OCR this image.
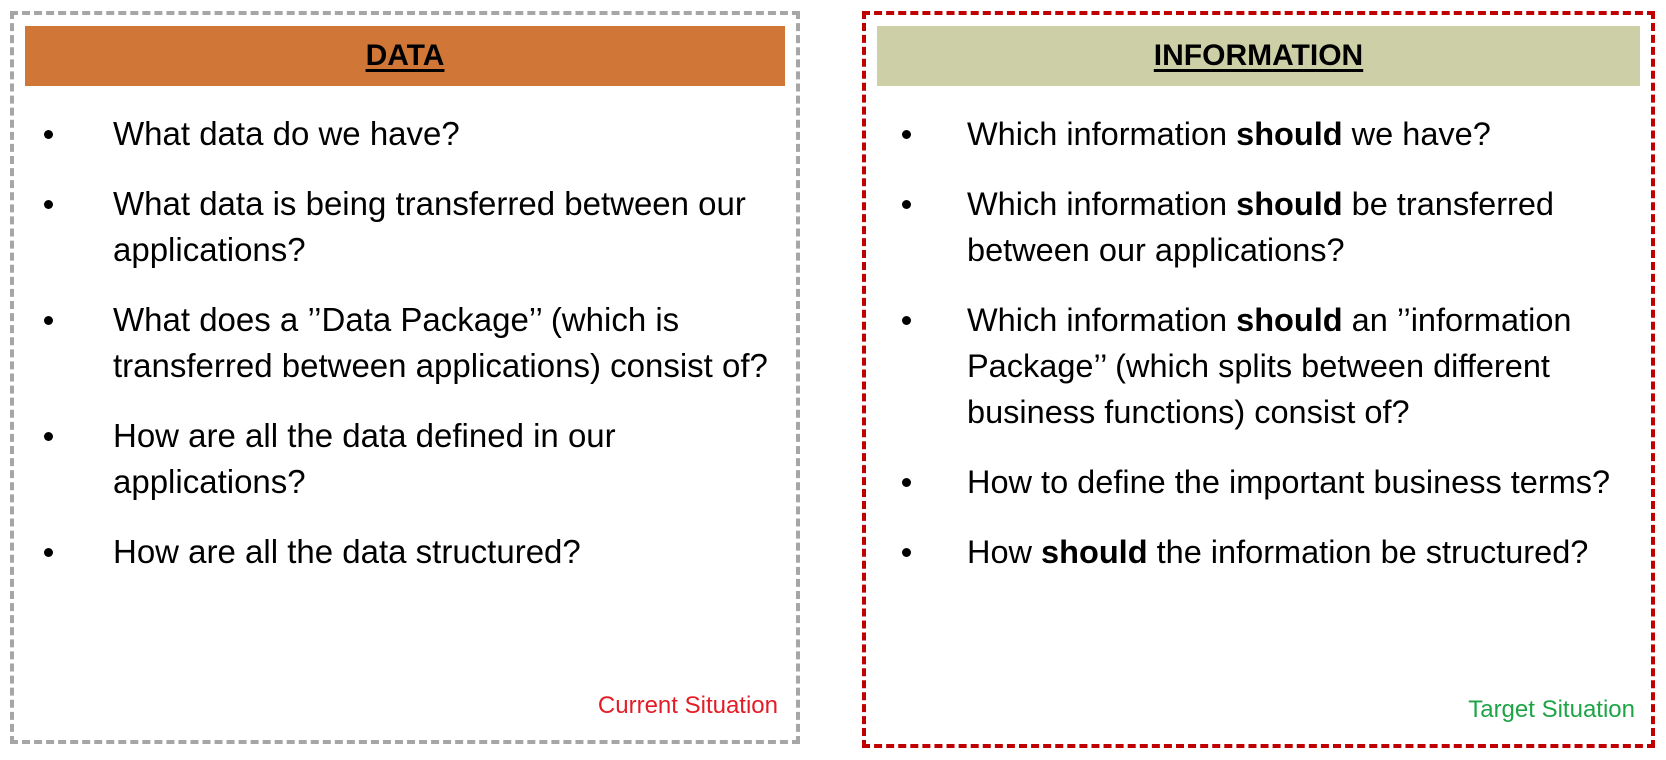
DATA
What data do we have?
What data is being transferred between our applications?
What does a ’’Data Package’’ (which is transferred between applications) consist of?
How are all the data defined in our applications?
How are all the data structured?
Current Situation
INFORMATION
Which information should we have?
Which information should be transferred between our applications?
Which information should an ’’information Package’’ (which splits between different business functions) consist of?
How to define the important business terms?
How should the information be structured?
Target Situation
